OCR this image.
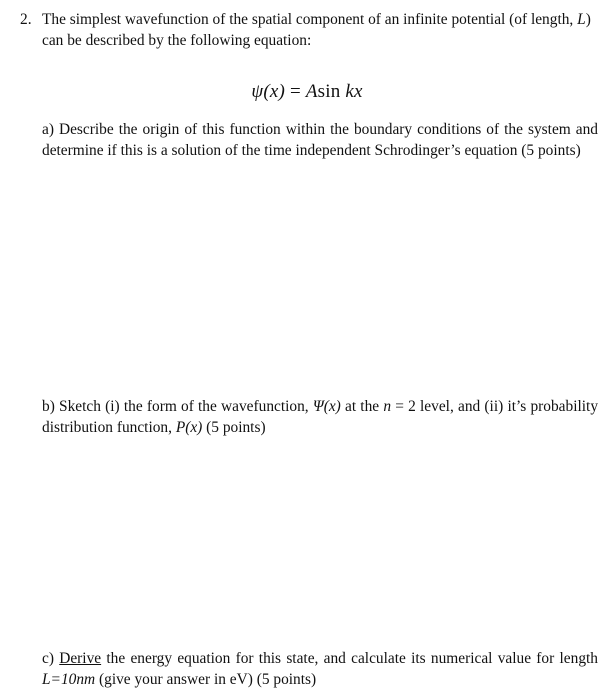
2. The simplest wavefunction of the spatial component of an infinite potential (of length, L) can be described by the following equation:
ψ(x) = Asin kx
a) Describe the origin of this function within the boundary conditions of the system and determine if this is a solution of the time independent Schrodinger’s equation (5 points)
b) Sketch (i) the form of the wavefunction, Ψ(x) at the n = 2 level, and (ii) it’s probability distribution function, P(x) (5 points)
c) Derive the energy equation for this state, and calculate its numerical value for length L=10nm (give your answer in eV) (5 points)
